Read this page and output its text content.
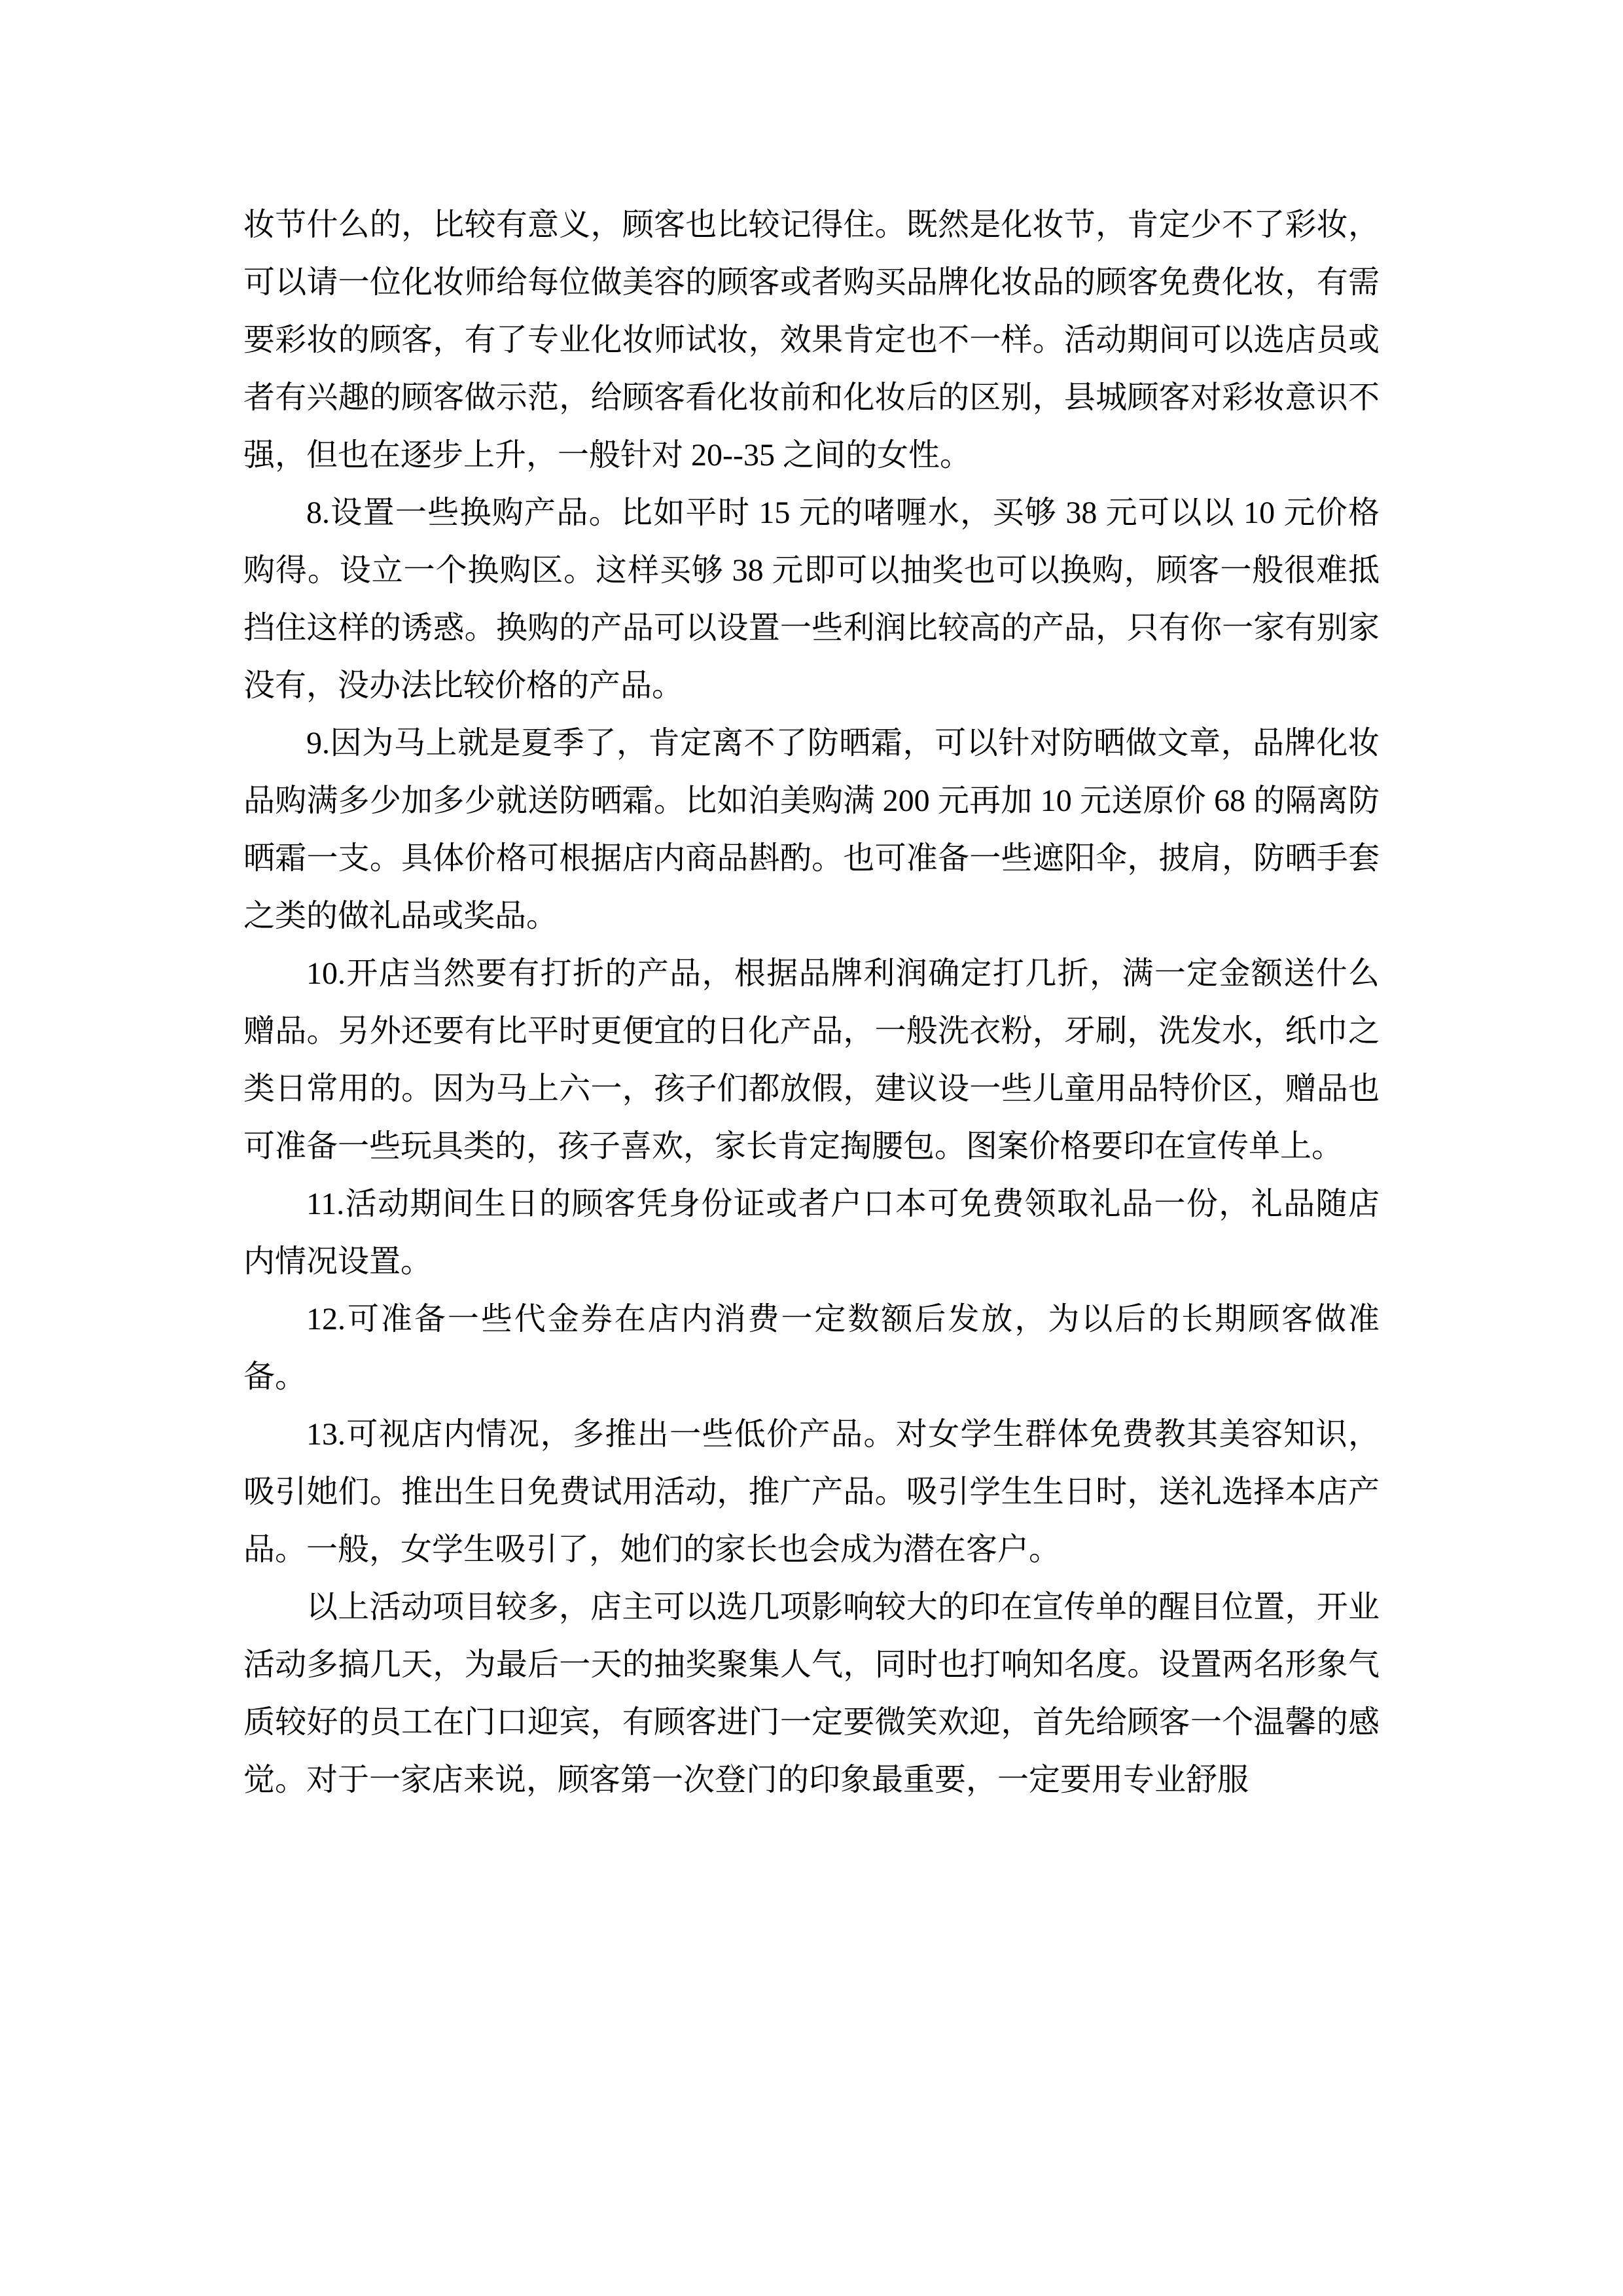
妆节什么的，比较有意义，顾客也比较记得住。既然是化妆节，肯定少不了彩妆，可以请一位化妆师给每位做美容的顾客或者购买品牌化妆品的顾客免费化妆，有需要彩妆的顾客，有了专业化妆师试妆，效果肯定也不一样。活动期间可以选店员或者有兴趣的顾客做示范，给顾客看化妆前和化妆后的区别，县城顾客对彩妆意识不强，但也在逐步上升，一般针对 20--35 之间的女性。

8.设置一些换购产品。比如平时 15 元的啫喱水，买够 38 元可以以 10 元价格购得。设立一个换购区。这样买够 38 元即可以抽奖也可以换购，顾客一般很难抵挡住这样的诱惑。换购的产品可以设置一些利润比较高的产品，只有你一家有别家没有，没办法比较价格的产品。

9.因为马上就是夏季了，肯定离不了防晒霜，可以针对防晒做文章，品牌化妆品购满多少加多少就送防晒霜。比如泊美购满 200 元再加 10 元送原价 68 的隔离防晒霜一支。具体价格可根据店内商品斟酌。也可准备一些遮阳伞，披肩，防晒手套之类的做礼品或奖品。

10.开店当然要有打折的产品，根据品牌利润确定打几折，满一定金额送什么赠品。另外还要有比平时更便宜的日化产品，一般洗衣粉，牙刷，洗发水，纸巾之类日常用的。因为马上六一，孩子们都放假，建议设一些儿童用品特价区，赠品也可准备一些玩具类的，孩子喜欢，家长肯定掏腰包。图案价格要印在宣传单上。

11.活动期间生日的顾客凭身份证或者户口本可免费领取礼品一份，礼品随店内情况设置。

12.可准备一些代金券在店内消费一定数额后发放，为以后的长期顾客做准备。

13.可视店内情况，多推出一些低价产品。对女学生群体免费教其美容知识，吸引她们。推出生日免费试用活动，推广产品。吸引学生生日时，送礼选择本店产品。一般，女学生吸引了，她们的家长也会成为潜在客户。

以上活动项目较多，店主可以选几项影响较大的印在宣传单的醒目位置，开业活动多搞几天，为最后一天的抽奖聚集人气，同时也打响知名度。设置两名形象气质较好的员工在门口迎宾，有顾客进门一定要微笑欢迎，首先给顾客一个温馨的感觉。对于一家店来说，顾客第一次登门的印象最重要，一定要用专业舒服
